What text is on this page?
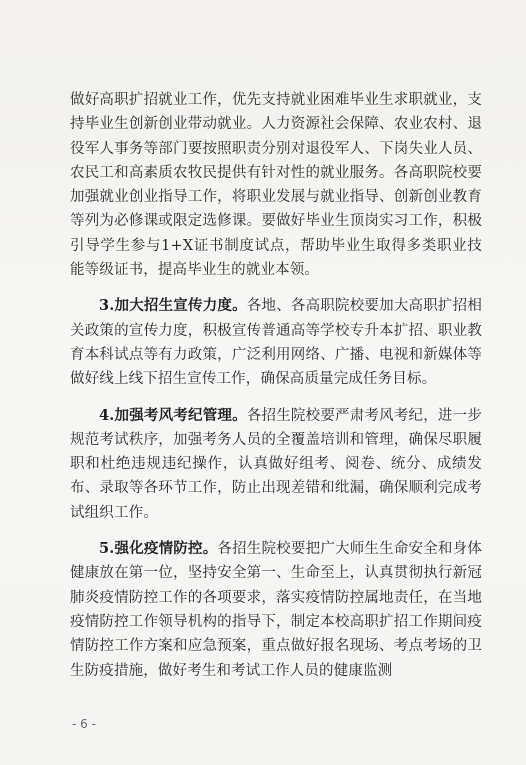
做好高职扩招就业工作，优先支持就业困难毕业生求职就业，支持毕业生创新创业带动就业。人力资源社会保障、农业农村、退役军人事务等部门要按照职责分别对退役军人、下岗失业人员、农民工和高素质农牧民提供有针对性的就业服务。各高职院校要加强就业创业指导工作，将职业发展与就业指导、创新创业教育等列为必修课或限定选修课。要做好毕业生顶岗实习工作，积极引导学生参与1+X证书制度试点，帮助毕业生取得多类职业技能等级证书，提高毕业生的就业本领。

3.加大招生宣传力度。各地、各高职院校要加大高职扩招相关政策的宣传力度，积极宣传普通高等学校专升本扩招、职业教育本科试点等有力政策，广泛利用网络、广播、电视和新媒体等做好线上线下招生宣传工作，确保高质量完成任务目标。

4.加强考风考纪管理。各招生院校要严肃考风考纪，进一步规范考试秩序，加强考务人员的全覆盖培训和管理，确保尽职履职和杜绝违规违纪操作，认真做好组考、阅卷、统分、成绩发布、录取等各环节工作，防止出现差错和纰漏，确保顺利完成考试组织工作。

5.强化疫情防控。各招生院校要把广大师生生命安全和身体健康放在第一位，坚持安全第一、生命至上，认真贯彻执行新冠肺炎疫情防控工作的各项要求，落实疫情防控属地责任，在当地疫情防控工作领导机构的指导下，制定本校高职扩招工作期间疫情防控工作方案和应急预案，重点做好报名现场、考点考场的卫生防疫措施，做好考生和考试工作人员的健康监测

- 6 -
